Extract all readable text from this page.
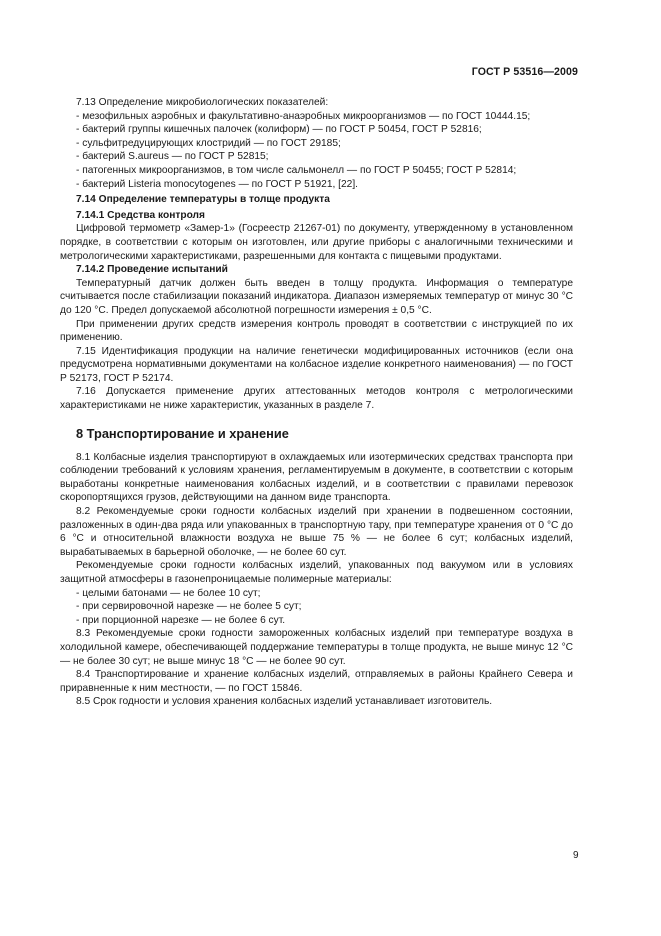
ГОСТ Р 53516—2009
7.13 Определение микробиологических показателей:
- мезофильных аэробных и факультативно-анаэробных микроорганизмов — по ГОСТ 10444.15;
- бактерий группы кишечных палочек (колиформ) — по ГОСТ Р 50454, ГОСТ Р 52816;
- сульфитредуцирующих клостридий — по ГОСТ 29185;
- бактерий S.aureus — по ГОСТ Р 52815;
- патогенных микроорганизмов, в том числе сальмонелл — по ГОСТ Р 50455; ГОСТ Р 52814;
- бактерий Listeria monocytogenes — по ГОСТ Р 51921, [22].
7.14 Определение температуры в толще продукта
7.14.1 Средства контроля
Цифровой термометр «Замер-1» (Госреестр 21267-01) по документу, утвержденному в установленном порядке, в соответствии с которым он изготовлен, или другие приборы с аналогичными техническими и метрологическими характеристиками, разрешенными для контакта с пищевыми продуктами.
7.14.2 Проведение испытаний
Температурный датчик должен быть введен в толщу продукта. Информация о температуре считывается после стабилизации показаний индикатора. Диапазон измеряемых температур от минус 30 °С до 120 °С. Предел допускаемой абсолютной погрешности измерения ± 0,5 °С.
При применении других средств измерения контроль проводят в соответствии с инструкцией по их применению.
7.15 Идентификация продукции на наличие генетически модифицированных источников (если она предусмотрена нормативными документами на колбасное изделие конкретного наименования) — по ГОСТ Р 52173, ГОСТ Р 52174.
7.16 Допускается применение других аттестованных методов контроля с метрологическими характеристиками не ниже характеристик, указанных в разделе 7.
8 Транспортирование и хранение
8.1 Колбасные изделия транспортируют в охлаждаемых или изотермических средствах транспорта при соблюдении требований к условиям хранения, регламентируемым в документе, в соответствии с которым выработаны конкретные наименования колбасных изделий, и в соответствии с правилами перевозок скоропортящихся грузов, действующими на данном виде транспорта.
8.2 Рекомендуемые сроки годности колбасных изделий при хранении в подвешенном состоянии, разложенных в один-два ряда или упакованных в транспортную тару, при температуре хранения от 0 °С до 6 °С и относительной влажности воздуха не выше 75 % — не более 6 сут; колбасных изделий, вырабатываемых в барьерной оболочке, — не более 60 сут.
Рекомендуемые сроки годности колбасных изделий, упакованных под вакуумом или в условиях защитной атмосферы в газонепроницаемые полимерные материалы:
- целыми батонами — не более 10 сут;
- при сервировочной нарезке — не более 5 сут;
- при порционной нарезке — не более 6 сут.
8.3 Рекомендуемые сроки годности замороженных колбасных изделий при температуре воздуха в холодильной камере, обеспечивающей поддержание температуры в толще продукта, не выше минус 12 °С — не более 30 сут; не выше минус 18 °С — не более 90 сут.
8.4 Транспортирование и хранение колбасных изделий, отправляемых в районы Крайнего Севера и приравненные к ним местности, — по ГОСТ 15846.
8.5 Срок годности и условия хранения колбасных изделий устанавливает изготовитель.
9
